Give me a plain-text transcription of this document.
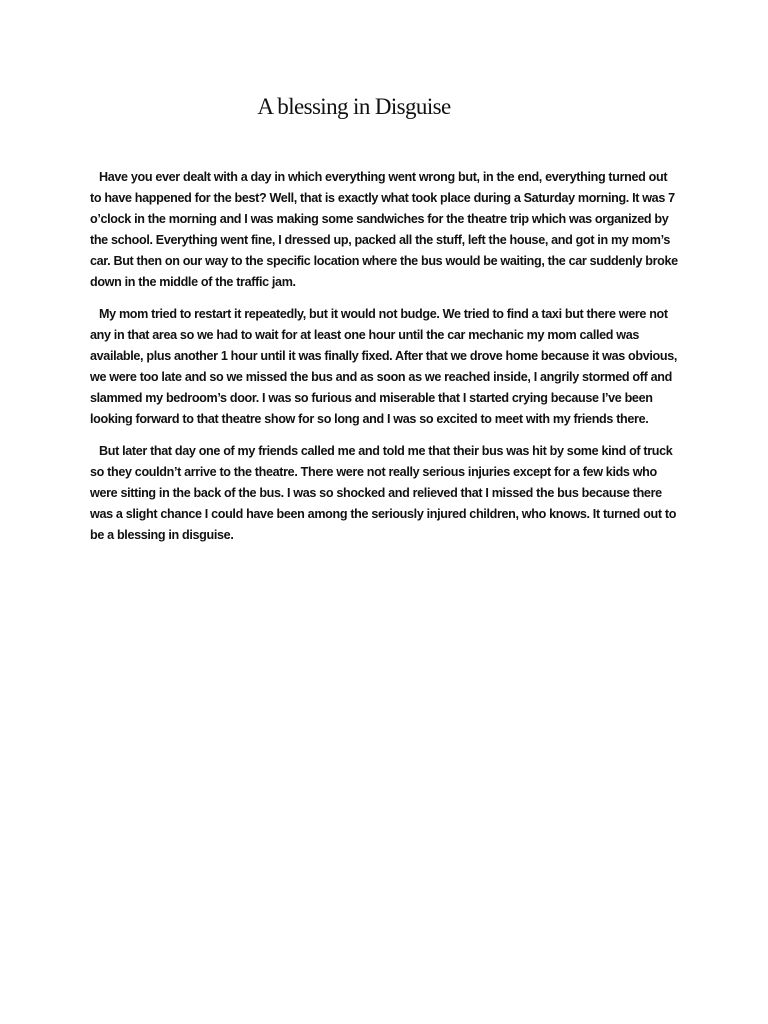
A blessing in Disguise

Have you ever dealt with a day in which everything went wrong but, in the end, everything turned out to have happened for the best? Well, that is exactly what took place during a Saturday morning. It was 7 o’clock in the morning and I was making some sandwiches for the theatre trip which was organized by the school. Everything went fine, I dressed up, packed all the stuff, left the house, and got in my mom’s car. But then on our way to the specific location where the bus would be waiting, the car suddenly broke down in the middle of the traffic jam.

My mom tried to restart it repeatedly, but it would not budge. We tried to find a taxi but there were not any in that area so we had to wait for at least one hour until the car mechanic my mom called was available, plus another 1 hour until it was finally fixed. After that we drove home because it was obvious, we were too late and so we missed the bus and as soon as we reached inside, I angrily stormed off and slammed my bedroom’s door. I was so furious and miserable that I started crying because I’ve been looking forward to that theatre show for so long and I was so excited to meet with my friends there.

But later that day one of my friends called me and told me that their bus was hit by some kind of truck so they couldn’t arrive to the theatre. There were not really serious injuries except for a few kids who were sitting in the back of the bus. I was so shocked and relieved that I missed the bus because there was a slight chance I could have been among the seriously injured children, who knows. It turned out to be a blessing in disguise.
